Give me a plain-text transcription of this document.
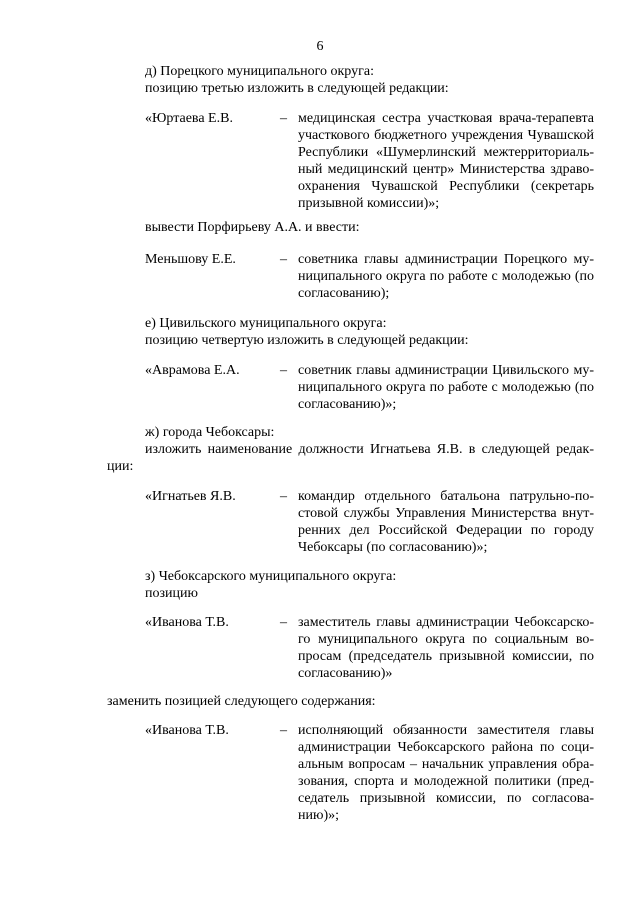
6
д) Порецкого муниципального округа:
позицию третью изложить в следующей редакции:
«Юртаева Е.В.	– медицинская сестра участковая врача-терапевта
участкового бюджетного учреждения Чувашской
Республики «Шумерлинский межтерриториаль-
ный медицинский центр» Министерства здраво-
охранения Чувашской Республики (секретарь
призывной комиссии)»;
вывести Порфирьеву А.А. и ввести:
Меньшову Е.Е.	– советника главы администрации Порецкого му-
ниципального округа по работе с молодежью (по
согласованию);
е) Цивильского муниципального округа:
позицию четвертую изложить в следующей редакции:
«Аврамова Е.А.	– советник главы администрации Цивильского му-
ниципального округа по работе с молодежью (по
согласованию)»;
ж) города Чебоксары:
изложить наименование должности Игнатьева Я.В. в следующей редак-
ции:
«Игнатьев Я.В.	– командир отдельного батальона патрульно-по-
стовой службы Управления Министерства внут-
ренних дел Российской Федерации по городу
Чебоксары (по согласованию)»;
з) Чебоксарского муниципального округа:
позицию
«Иванова Т.В.	– заместитель главы администрации Чебоксарско-
го муниципального округа по социальным во-
просам (председатель призывной комиссии, по
согласованию)»
заменить позицией следующего содержания:
«Иванова Т.В.	– исполняющий обязанности заместителя главы
администрации Чебоксарского района по соци-
альным вопросам – начальник управления обра-
зования, спорта и молодежной политики (пред-
седатель призывной комиссии, по согласова-
нию)»;
